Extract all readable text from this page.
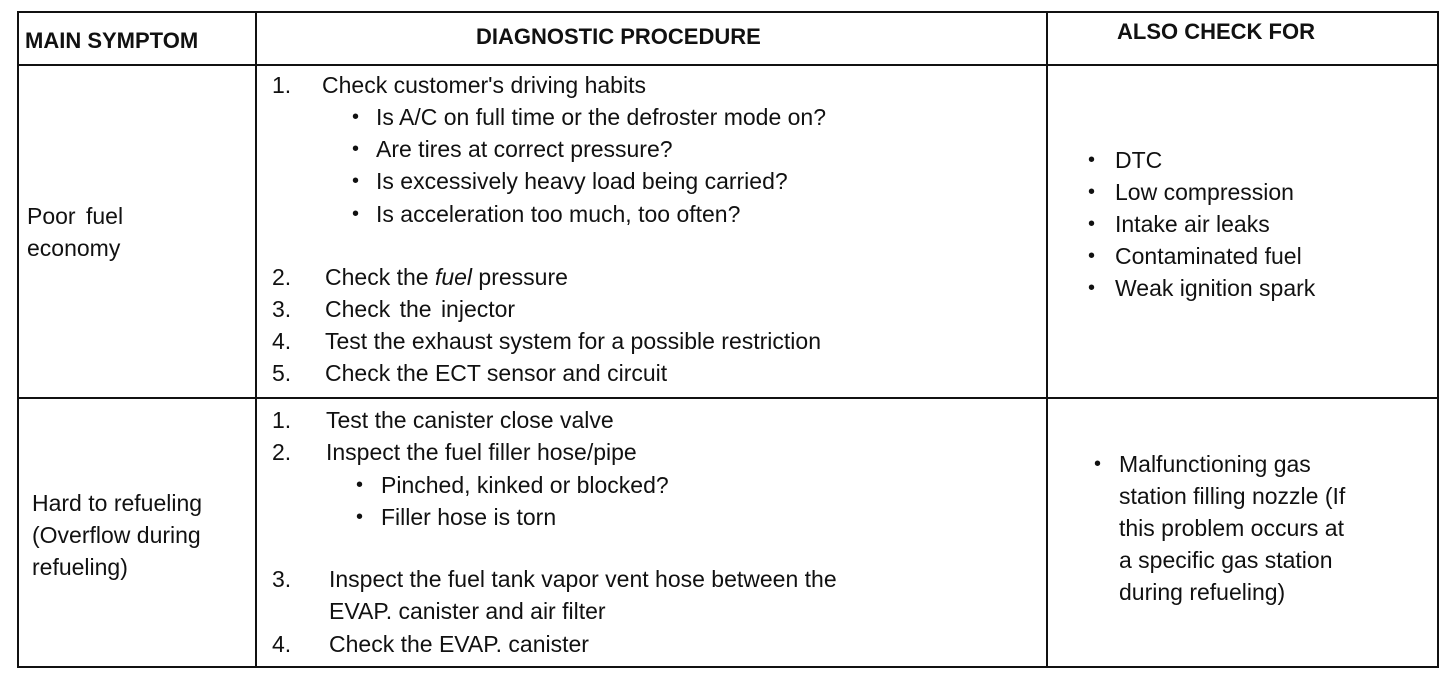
MAIN SYMPTOM	DIAGNOSTIC PROCEDURE	ALSO CHECK FOR
Poor fuel
economy
1. Check customer's driving habits
• Is A/C on full time or the defroster mode on?
• Are tires at correct pressure?
• Is excessively heavy load being carried?
• Is acceleration too much, too often?
2. Check the fuel pressure
3. Check the injector
4. Test the exhaust system for a possible restriction
5. Check the ECT sensor and circuit
• DTC
• Low compression
• Intake air leaks
• Contaminated fuel
• Weak ignition spark
Hard to refueling
(Overflow during
refueling)
1. Test the canister close valve
2. Inspect the fuel filler hose/pipe
• Pinched, kinked or blocked?
• Filler hose is torn
3. Inspect the fuel tank vapor vent hose between the
EVAP. canister and air filter
4. Check the EVAP. canister
• Malfunctioning gas
station filling nozzle (If
this problem occurs at
a specific gas station
during refueling)
